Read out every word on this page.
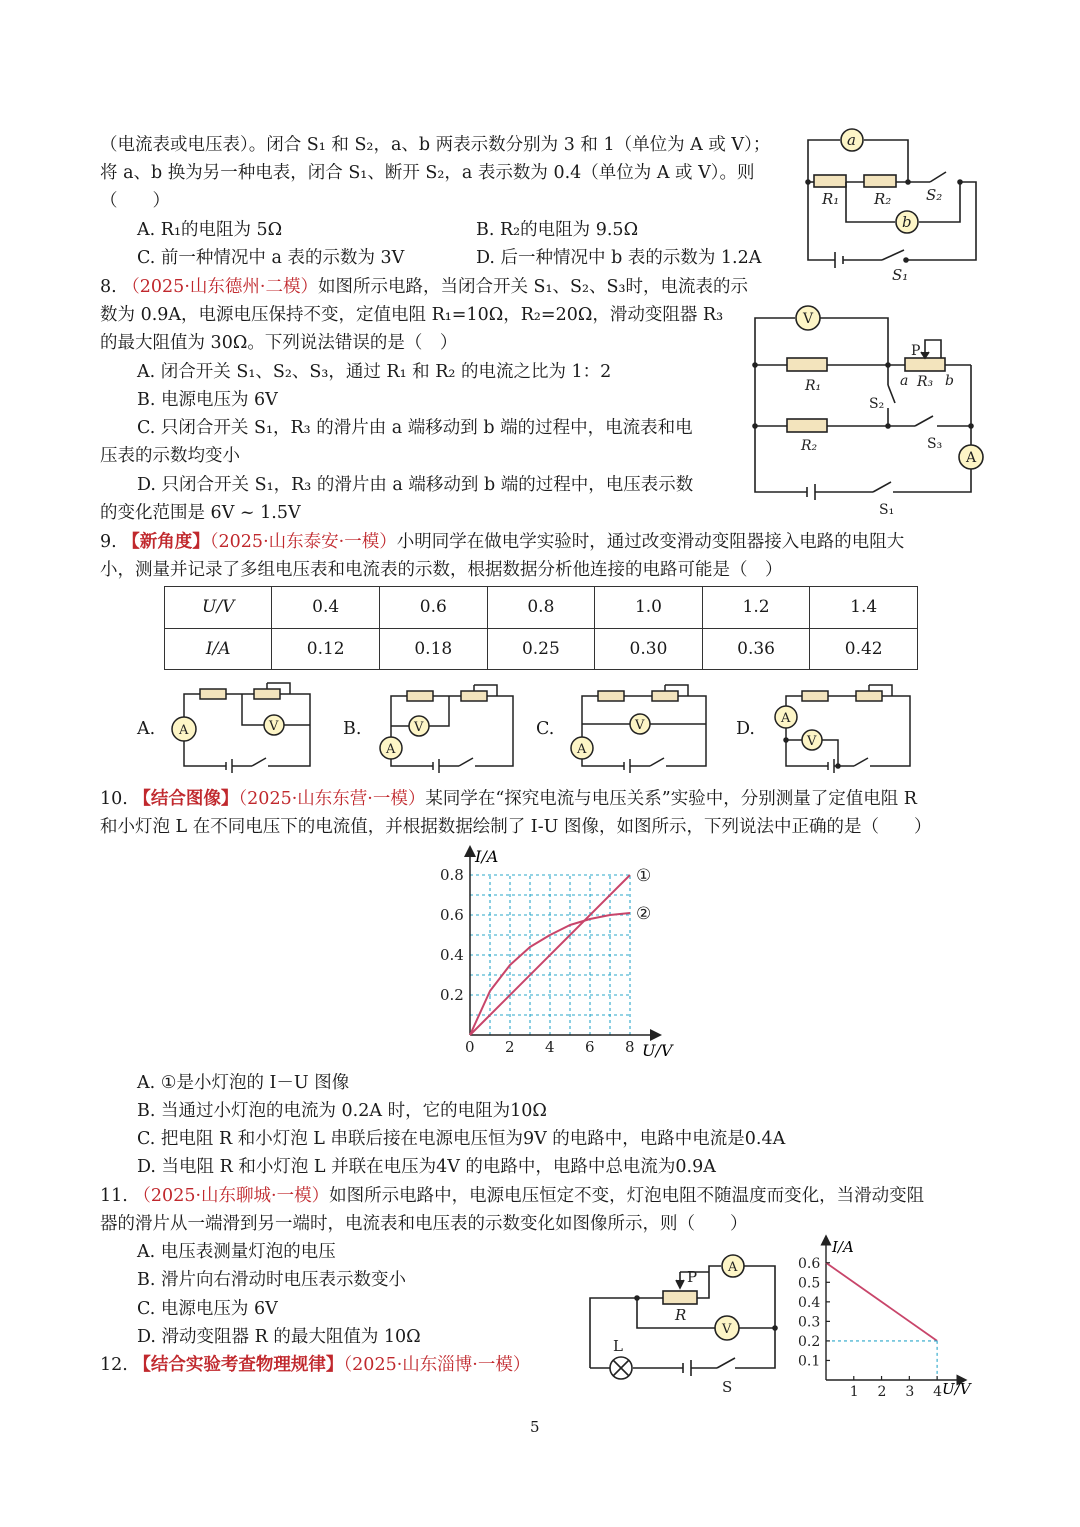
（电流表或电压表）。闭合 S₁ 和 S₂，a、b 两表示数分别为 3 和 1（单位为 A 或 V）；
将 a、b 换为另一种电表，闭合 S₁、断开 S₂，a 表示数为 0.4（单位为 A 或 V）。则
（　　）
A. R₁的电阻为 5Ω	B. R₂的电阻为 9.5Ω
C. 前一种情况中 a 表的示数为 3V	D. 后一种情况中 b 表的示数为 1.2A
a
b
R₁ R₂ S₂
S₁
8. （2025·山东德州·二模）如图所示电路，当闭合开关 S₁、S₂、S₃时，电流表的示
数为 0.9A，电源电压保持不变，定值电阻 R₁=10Ω，R₂=20Ω，滑动变阻器 R₃
的最大阻值为 30Ω。下列说法错误的是（　）
A. 闭合开关 S₁、S₂、S₃，通过 R₁ 和 R₂ 的电流之比为 1：2
B. 电源电压为 6V
C. 只闭合开关 S₁，R₃ 的滑片由 a 端移动到 b 端的过程中，电流表和电
压表的示数均变小
D. 只闭合开关 S₁，R₃ 的滑片由 a 端移动到 b 端的过程中，电压表示数
的变化范围是 6V ~ 1.5V
V
A
P
a R₃ b
R₁
R₂
S₂
S₃
S₁
9. 【新角度】（2025·山东泰安·一模）小明同学在做电学实验时，通过改变滑动变阻器接入电路的电阻大
小，测量并记录了多组电压表和电流表的示数，根据数据分析他连接的电路可能是（　）
U/V	0.4	0.6	0.8	1.0	1.2	1.4
I/A	0.12	0.18	0.25	0.30	0.36	0.42
A.	B.	C.	D.
A	V
A
V
A
V	A
V
10. 【结合图像】（2025·山东东营·一模）某同学在“探究电流与电压关系”实验中，分别测量了定值电阻 R
和小灯泡 L 在不同电压下的电流值，并根据数据绘制了 I-U 图像，如图所示，下列说法中正确的是（　　）
①
②
I/A
U/V
0 2 4 6 8
0.2
0.4
0.6
0.8
A. ①是小灯泡的 I－U 图像
B. 当通过小灯泡的电流为 0.2A 时，它的电阻为10Ω
C. 把电阻 R 和小灯泡 L 串联后接在电源电压恒为9V 的电路中，电路中电流是0.4A
D. 当电阻 R 和小灯泡 L 并联在电压为4V 的电路中，电路中总电流为0.9A
11. （2025·山东聊城·一模）如图所示电路中，电源电压恒定不变，灯泡电阻不随温度而变化，当滑动变阻
器的滑片从一端滑到另一端时，电流表和电压表的示数变化如图像所示，则（　　）
A. 电压表测量灯泡的电压
B. 滑片向右滑动时电压表示数变小
C. 电源电压为 6V
D. 滑动变阻器 R 的最大阻值为 10Ω
A
V
P
R
L
S
I/A
U/V
1 2 3 4
0.1
0.2
0.3
0.4
0.5
0.6
12. 【结合实验考查物理规律】（2025·山东淄博·一模）
5
